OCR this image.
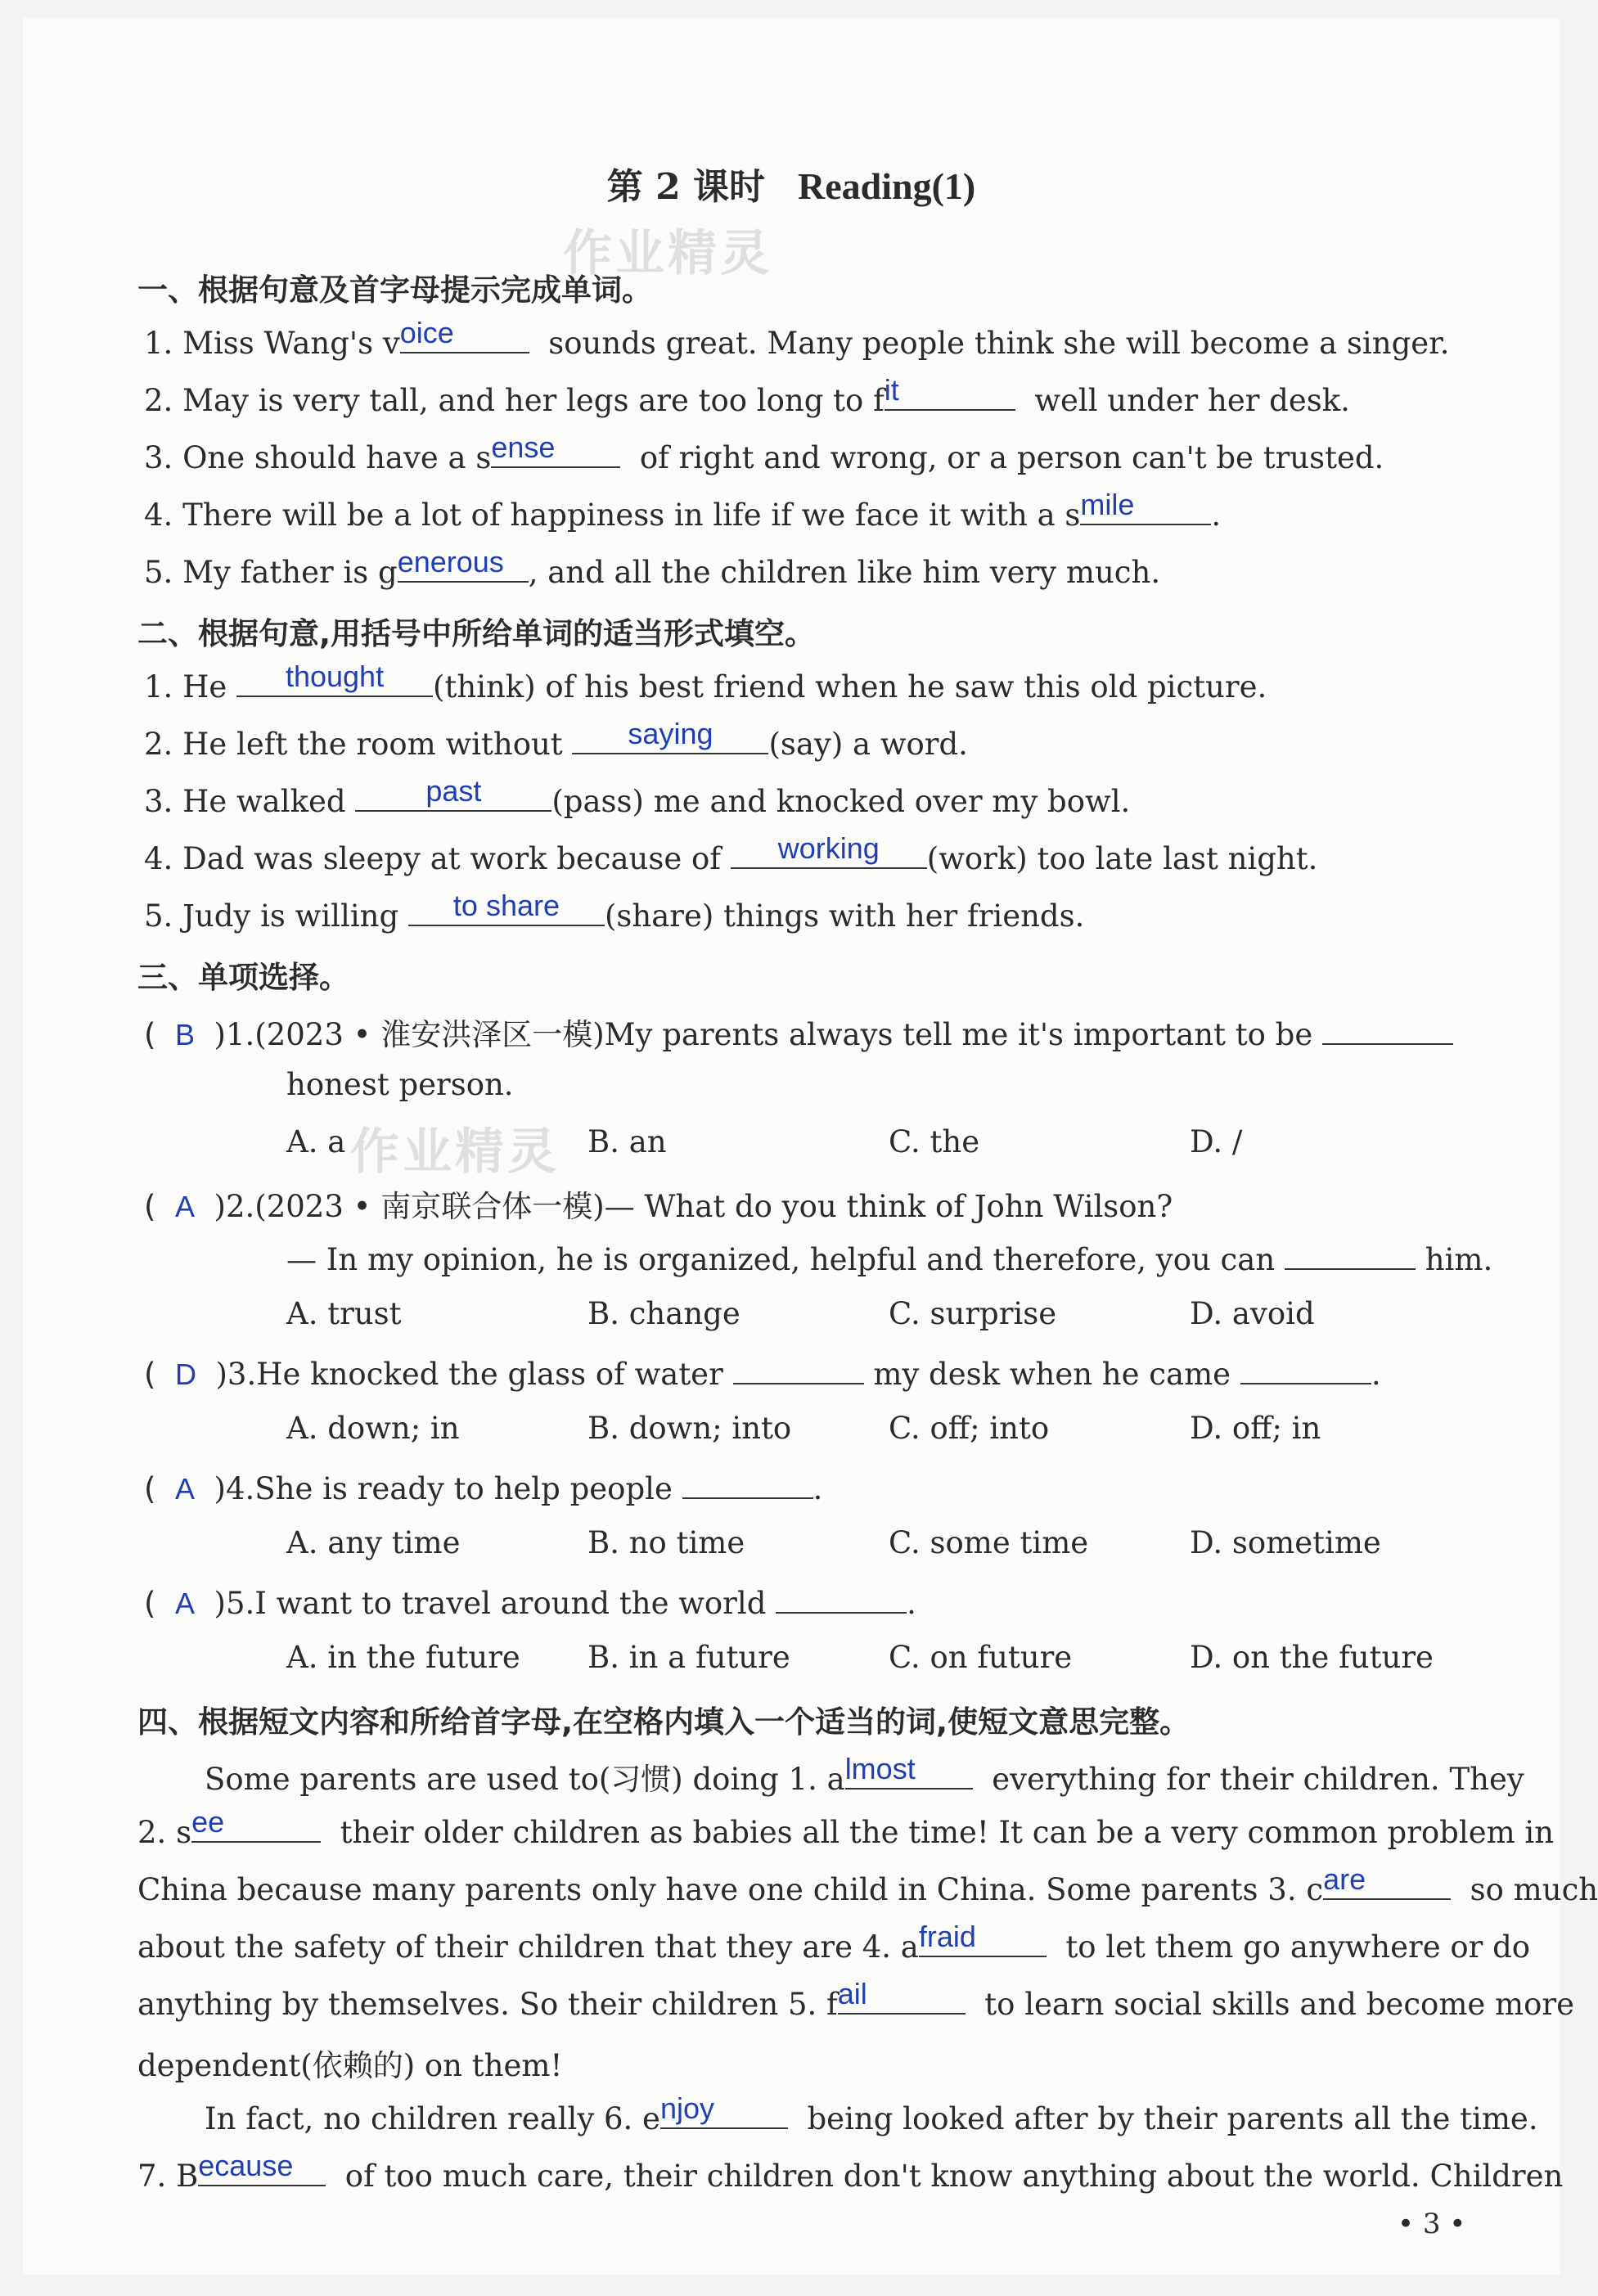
第 2 课时 Reading(1)
作业精灵
一、根据句意及首字母提示完成单词。
1. Miss Wang's v oice	sounds great. Many people think she will become a singer.
2. May is very tall, and her legs are too long to f it	well under her desk.
3. One should have a s ense	of right and wrong, or a person can't be trusted.
4. There will be a lot of happiness in life if we face it with a s mile	.
5. My father is g enerous , and all the children like him very much.
二、根据句意,用括号中所给单词的适当形式填空。
1. He	thought	(think) of his best friend when he saw this old picture.
2. He left the room without	saying	(say) a word.
3. He walked	past	(pass) me and knocked over my bowl.
4. Dad was sleepy at work because of	working	(work) too late last night.
5. Judy is willing	to share	(share) things with her friends.
三、单项选择。
( B )1.(2023 • 淮安洪泽区一模)My parents always tell me it's important to be
honest person.
A. a	B. an	C. the	D. /
作业精灵
( A )2.(2023 • 南京联合体一模)— What do you think of John Wilson?
— In my opinion, he is organized, helpful and therefore, you can	him.
A. trust	B. change	C. surprise	D. avoid
( D )3.He knocked the glass of water	my desk when he came	.
A. down; in	B. down; into	C. off; into	D. off; in
( A )4.She is ready to help people	.
A. any time	B. no time	C. some time	D. sometime
( A )5.I want to travel around the world	.
A. in the future B. in a future	C. on future	D. on the future
四、根据短文内容和所给首字母,在空格内填入一个适当的词,使短文意思完整。
Some parents are used to(习惯) doing 1. a lmost	everything for their children. They
2. s ee	their older children as babies all the time! It can be a very common problem in
China because many parents only have one child in China. Some parents 3. c are	so much
about the safety of their children that they are 4. a fraid	to let them go anywhere or do
anything by themselves. So their children 5. f ail	to learn social skills and become more
dependent(依赖的) on them!
In fact, no children really 6. e njoy	being looked after by their parents all the time.
7. B ecause of too much care, their children don't know anything about the world. Children
• 3 •
